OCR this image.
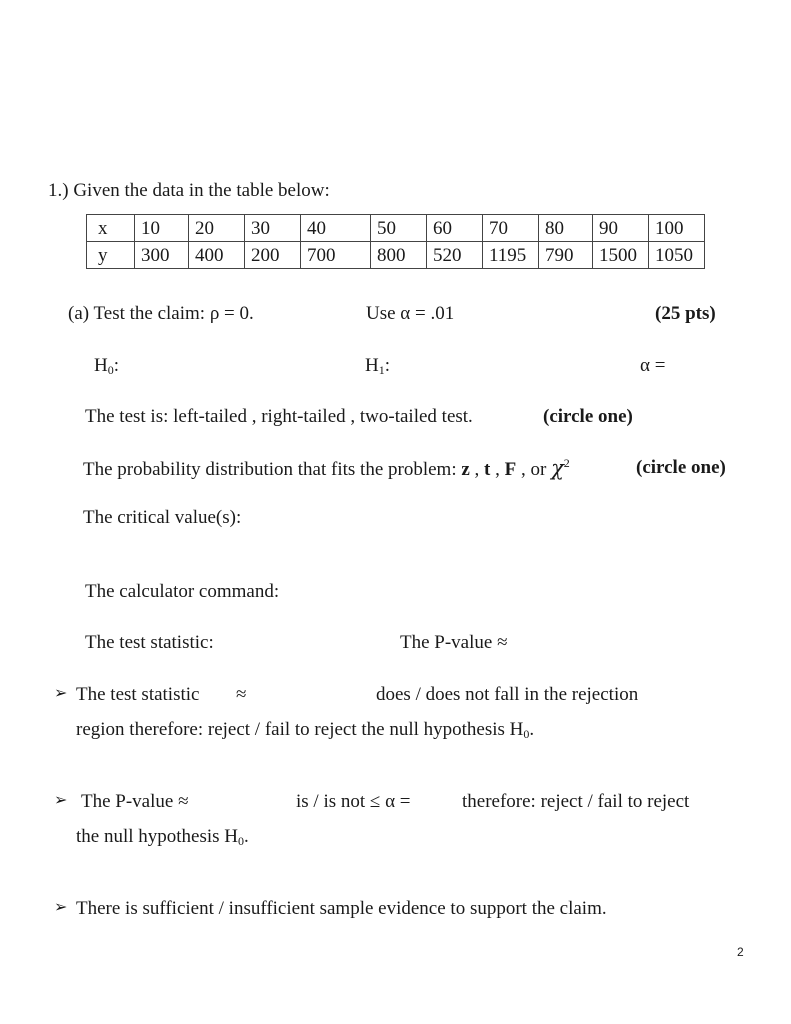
1.) Given the data in the table below:
x	10	20	30	40	50	60	70	80	90	100
y	300	400	200	700	800	520	1195	790	1500	1050
(a) Test the claim: ρ = 0.	Use α = .01	(25 pts)
$H_0$:	$H_1$:	α =
The test is: left-tailed , right-tailed , two-tailed test.	(circle one)
The probability distribution that fits the problem: z , t , F , or $\chi^2$	(circle one)
The critical value(s):
The calculator command:
The test statistic:	The P-value ≈
➢ The test statistic ≈	does / does not fall in the rejection
region therefore: reject / fail to reject the null hypothesis $H_0$.
➢ The P-value ≈	is / is not ≤ α =	therefore: reject / fail to reject
the null hypothesis $H_0$.
➢ There is sufficient / insufficient sample evidence to support the claim.
2
